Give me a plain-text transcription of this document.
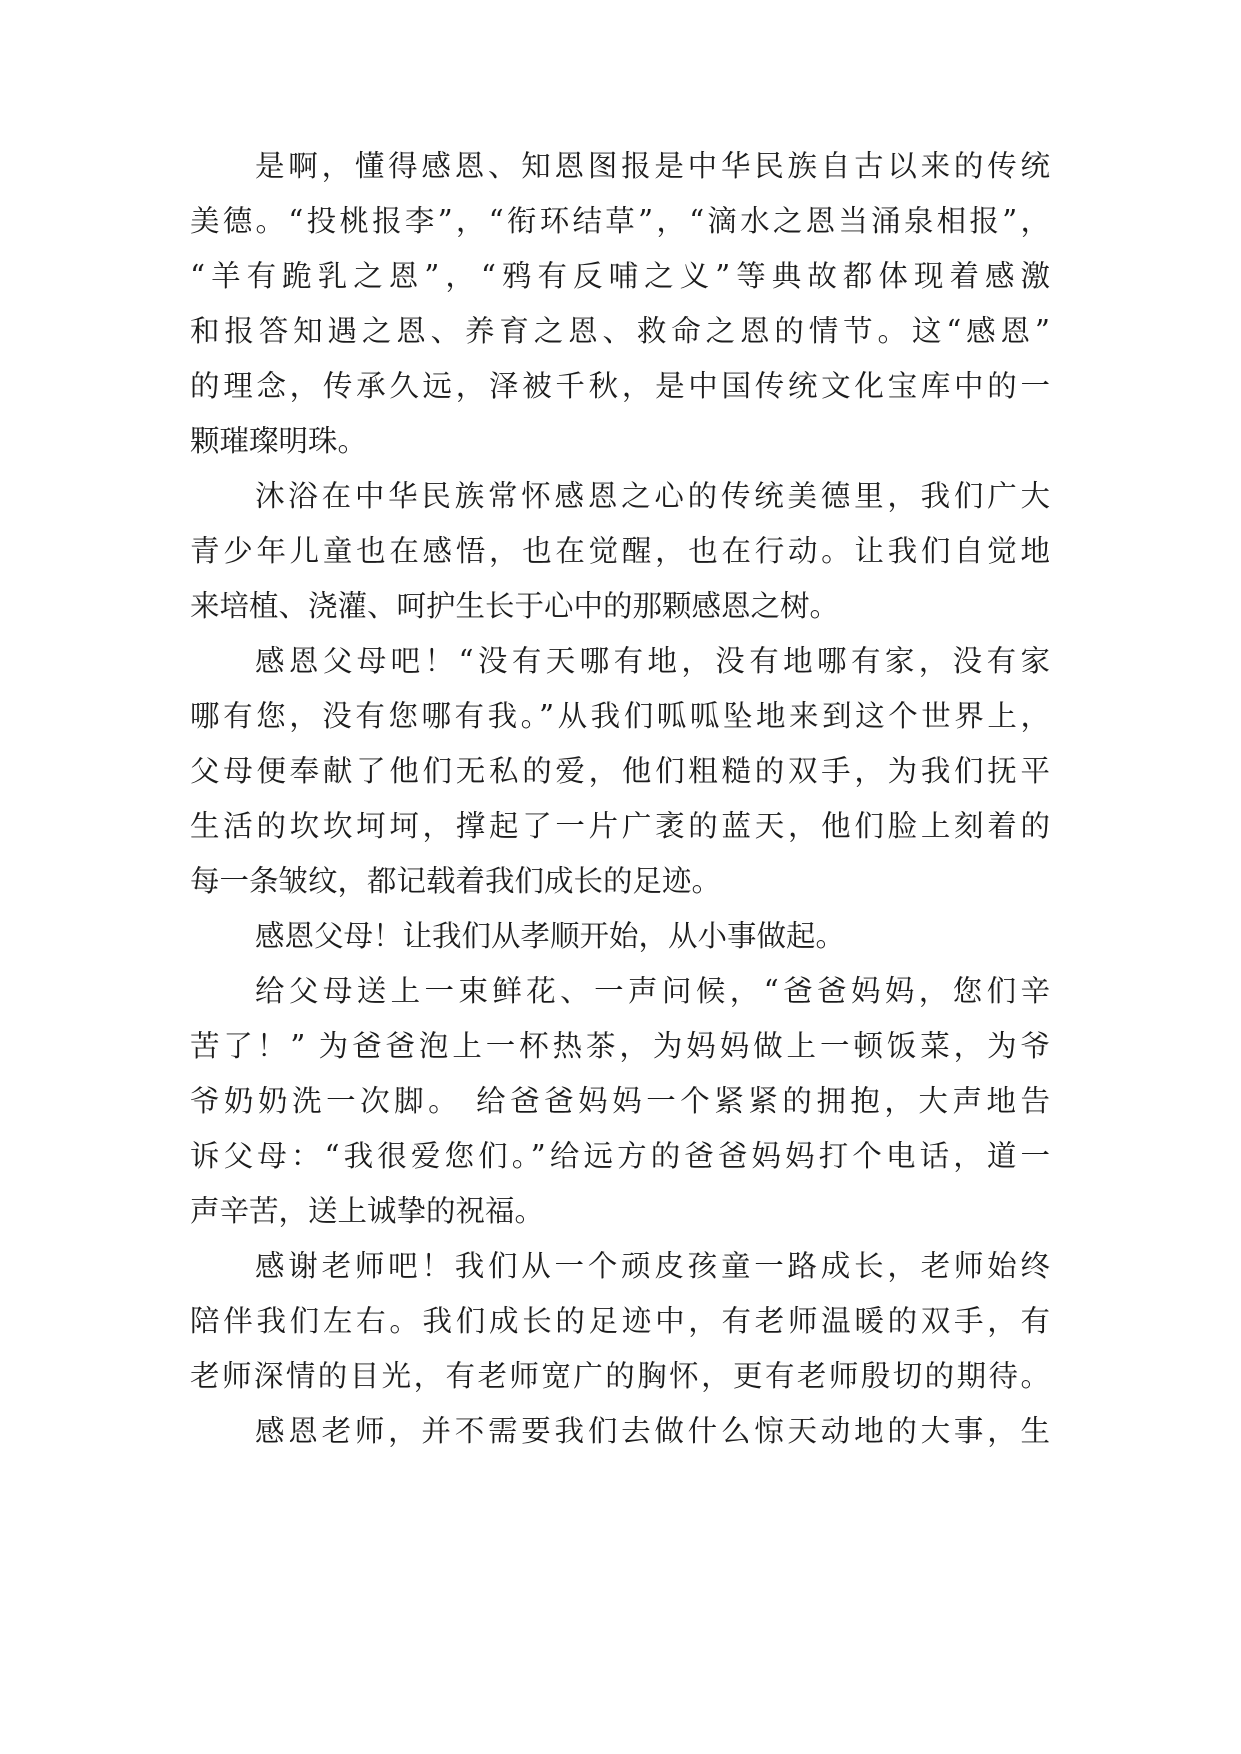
是啊，懂得感恩、知恩图报是中华民族自古以来的传统

美德。“投桃报李”，“衔环结草”，“滴水之恩当涌泉相报”，

“羊有跪乳之恩”，“鸦有反哺之义”等典故都体现着感激

和报答知遇之恩、养育之恩、救命之恩的情节。这“感恩”

的理念，传承久远，泽被千秋，是中国传统文化宝库中的一

颗璀璨明珠。

沐浴在中华民族常怀感恩之心的传统美德里，我们广大

青少年儿童也在感悟，也在觉醒，也在行动。让我们自觉地

来培植、浇灌、呵护生长于心中的那颗感恩之树。

感恩父母吧！“没有天哪有地，没有地哪有家，没有家

哪有您，没有您哪有我。”从我们呱呱坠地来到这个世界上，

父母便奉献了他们无私的爱，他们粗糙的双手，为我们抚平

生活的坎坎坷坷，撑起了一片广袤的蓝天，他们脸上刻着的

每一条皱纹，都记载着我们成长的足迹。

感恩父母！让我们从孝顺开始，从小事做起。

给父母送上一束鲜花、一声问候，“爸爸妈妈，您们辛

苦了！” 为爸爸泡上一杯热茶，为妈妈做上一顿饭菜，为爷

爷奶奶洗一次脚。 给爸爸妈妈一个紧紧的拥抱，大声地告

诉父母：“我很爱您们。”给远方的爸爸妈妈打个电话，道一

声辛苦，送上诚挚的祝福。

感谢老师吧！我们从一个顽皮孩童一路成长，老师始终

陪伴我们左右。我们成长的足迹中，有老师温暖的双手，有

老师深情的目光，有老师宽广的胸怀，更有老师殷切的期待。

感恩老师，并不需要我们去做什么惊天动地的大事，生
